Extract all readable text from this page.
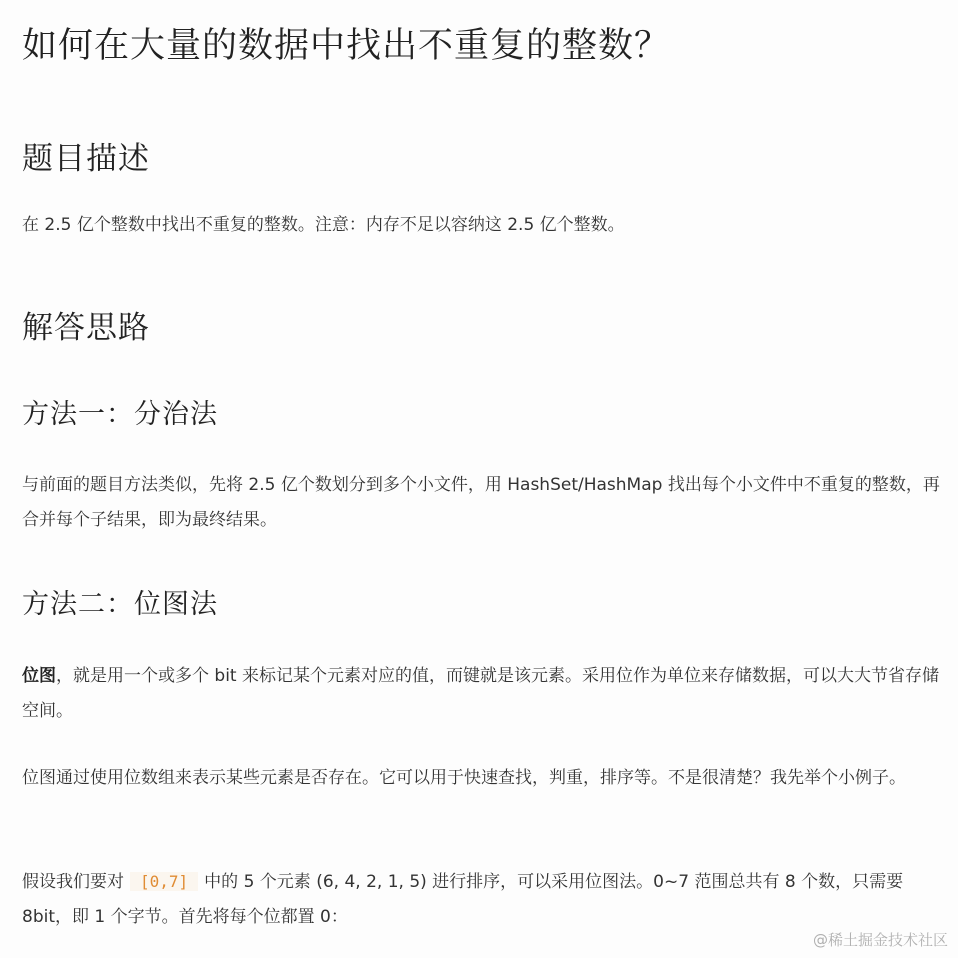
如何在大量的数据中找出不重复的整数？
题目描述

在 2.5 亿个整数中找出不重复的整数。注意：内存不足以容纳这 2.5 亿个整数。

解答思路
方法一：分治法

与前面的题目方法类似，先将 2.5 亿个数划分到多个小文件，用 HashSet/HashMap 找出每个小文件中不重复的整数，再合并每个子结果，即为最终结果。

方法二：位图法

位图，就是用一个或多个 bit 来标记某个元素对应的值，而键就是该元素。采用位作为单位来存储数据，可以大大节省存储空间。

位图通过使用位数组来表示某些元素是否存在。它可以用于快速查找，判重，排序等。不是很清楚？我先举个小例子。

假设我们要对 [0,7] 中的 5 个元素 (6, 4, 2, 1, 5) 进行排序，可以采用位图法。0~7 范围总共有 8 个数，只需要 8bit，即 1 个字节。首先将每个位都置 0：

@稀土掘金技术社区
